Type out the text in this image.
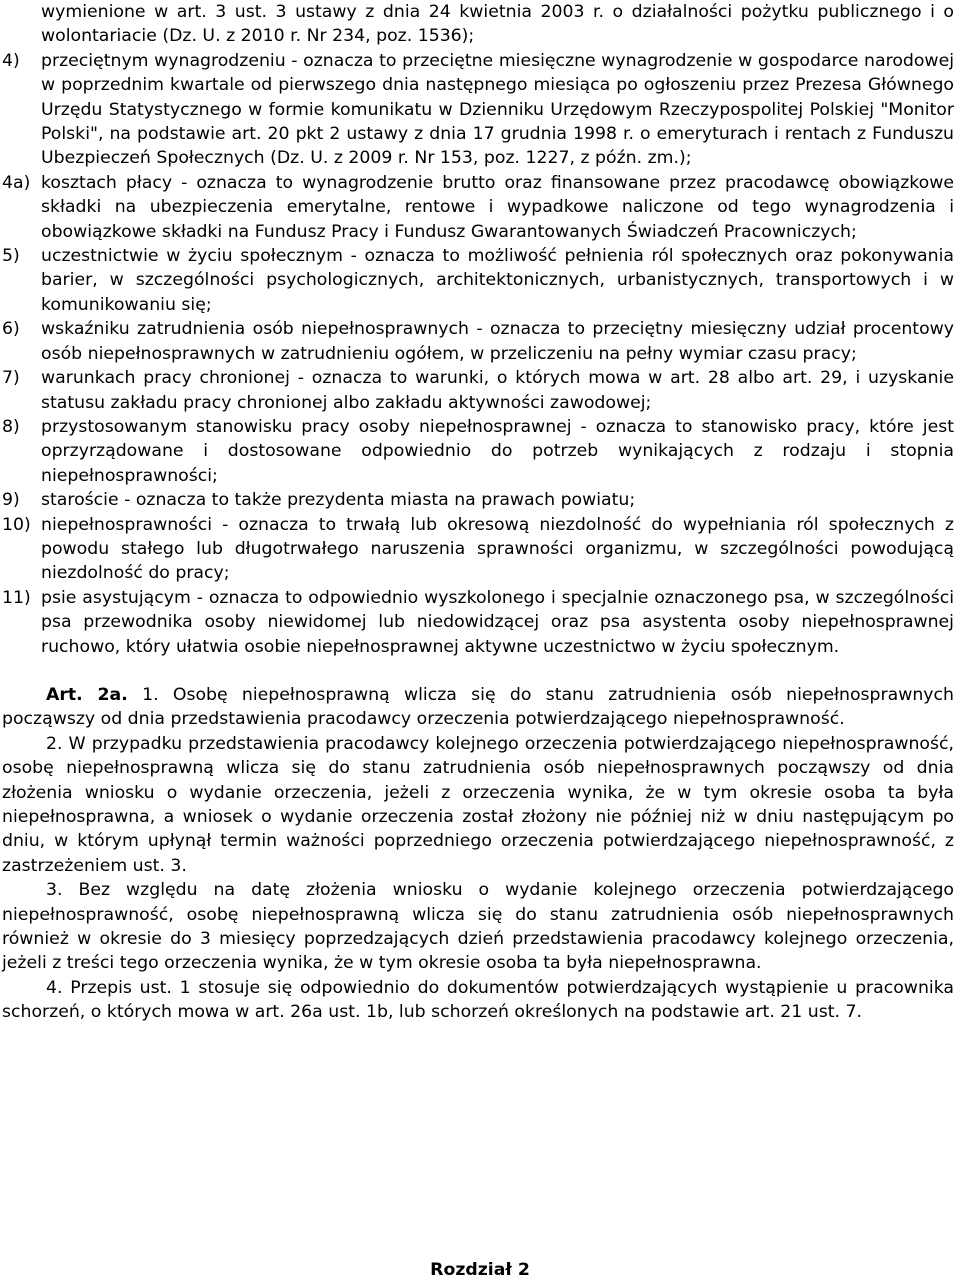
wymienione w art. 3 ust. 3 ustawy z dnia 24 kwietnia 2003 r. o działalności pożytku publicznego i o wolontariacie (Dz. U. z 2010 r. Nr 234, poz. 1536);
4)	przeciętnym wynagrodzeniu - oznacza to przeciętne miesięczne wynagrodzenie w gospodarce narodowej w poprzednim kwartale od pierwszego dnia następnego miesiąca po ogłoszeniu przez Prezesa Głównego Urzędu Statystycznego w formie komunikatu w Dzienniku Urzędowym Rzeczypospolitej Polskiej "Monitor Polski", na podstawie art. 20 pkt 2 ustawy z dnia 17 grudnia 1998 r. o emeryturach i rentach z Funduszu Ubezpieczeń Społecznych (Dz. U. z 2009 r. Nr 153, poz. 1227, z późn. zm.);
4a) kosztach płacy - oznacza to wynagrodzenie brutto oraz finansowane przez pracodawcę obowiązkowe składki na ubezpieczenia emerytalne, rentowe i wypadkowe naliczone od tego wynagrodzenia i obowiązkowe składki na Fundusz Pracy i Fundusz Gwarantowanych Świadczeń Pracowniczych;
5)	uczestnictwie w życiu społecznym - oznacza to możliwość pełnienia ról społecznych oraz pokonywania barier, w szczególności psychologicznych, architektonicznych, urbanistycznych, transportowych i w komunikowaniu się;
6)	wskaźniku zatrudnienia osób niepełnosprawnych - oznacza to przeciętny miesięczny udział procentowy osób niepełnosprawnych w zatrudnieniu ogółem, w przeliczeniu na pełny wymiar czasu pracy;
7)	warunkach pracy chronionej - oznacza to warunki, o których mowa w art. 28 albo art. 29, i uzyskanie statusu zakładu pracy chronionej albo zakładu aktywności zawodowej;
8)	przystosowanym stanowisku pracy osoby niepełnosprawnej - oznacza to stanowisko pracy, które jest oprzyrządowane i dostosowane odpowiednio do potrzeb wynikających z rodzaju i stopnia niepełnosprawności;
9)	staroście - oznacza to także prezydenta miasta na prawach powiatu;
10) niepełnosprawności - oznacza to trwałą lub okresową niezdolność do wypełniania ról społecznych z powodu stałego lub długotrwałego naruszenia sprawności organizmu, w szczególności powodującą niezdolność do pracy;
11) psie asystującym - oznacza to odpowiednio wyszkolonego i specjalnie oznaczonego psa, w szczególności psa przewodnika osoby niewidomej lub niedowidzącej oraz psa asystenta osoby niepełnosprawnej ruchowo, który ułatwia osobie niepełnosprawnej aktywne uczestnictwo w życiu społecznym.
Art. 2a. 1. Osobę niepełnosprawną wlicza się do stanu zatrudnienia osób niepełnosprawnych począwszy od dnia przedstawienia pracodawcy orzeczenia potwierdzającego niepełnosprawność.
2. W przypadku przedstawienia pracodawcy kolejnego orzeczenia potwierdzającego niepełnosprawność, osobę niepełnosprawną wlicza się do stanu zatrudnienia osób niepełnosprawnych począwszy od dnia złożenia wniosku o wydanie orzeczenia, jeżeli z orzeczenia wynika, że w tym okresie osoba ta była niepełnosprawna, a wniosek o wydanie orzeczenia został złożony nie później niż w dniu następującym po dniu, w którym upłynął termin ważności poprzedniego orzeczenia potwierdzającego niepełnosprawność, z zastrzeżeniem ust. 3.
3. Bez względu na datę złożenia wniosku o wydanie kolejnego orzeczenia potwierdzającego niepełnosprawność, osobę niepełnosprawną wlicza się do stanu zatrudnienia osób niepełnosprawnych również w okresie do 3 miesięcy poprzedzających dzień przedstawienia pracodawcy kolejnego orzeczenia, jeżeli z treści tego orzeczenia wynika, że w tym okresie osoba ta była niepełnosprawna.
4. Przepis ust. 1 stosuje się odpowiednio do dokumentów potwierdzających wystąpienie u pracownika schorzeń, o których mowa w art. 26a ust. 1b, lub schorzeń określonych na podstawie art. 21 ust. 7.
Rozdział 2
